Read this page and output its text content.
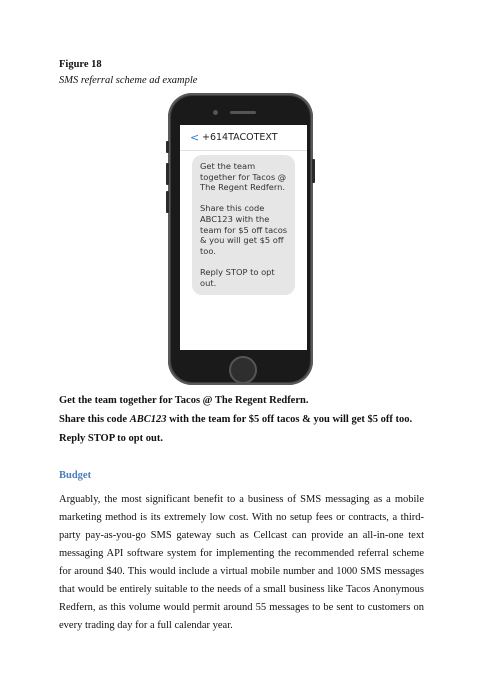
Figure 18

SMS referral scheme ad example

< +614TACOTEXT

Get the team together for Tacos @ The Regent Redfern.

Share this code ABC123 with the team for $5 off tacos & you will get $5 off too.

Reply STOP to opt out.

Get the team together for Tacos @ The Regent Redfern.

Share this code ABC123 with the team for $5 off tacos & you will get $5 off too.

Reply STOP to opt out.

Budget

Arguably, the most significant benefit to a business of SMS messaging as a mobile marketing method is its extremely low cost. With no setup fees or contracts, a third-party pay-as-you-go SMS gateway such as Cellcast can provide an all-in-one text messaging API software system for implementing the recommended referral scheme for around $40. This would include a virtual mobile number and 1000 SMS messages that would be entirely suitable to the needs of a small business like Tacos Anonymous Redfern, as this volume would permit around 55 messages to be sent to customers on every trading day for a full calendar year.
